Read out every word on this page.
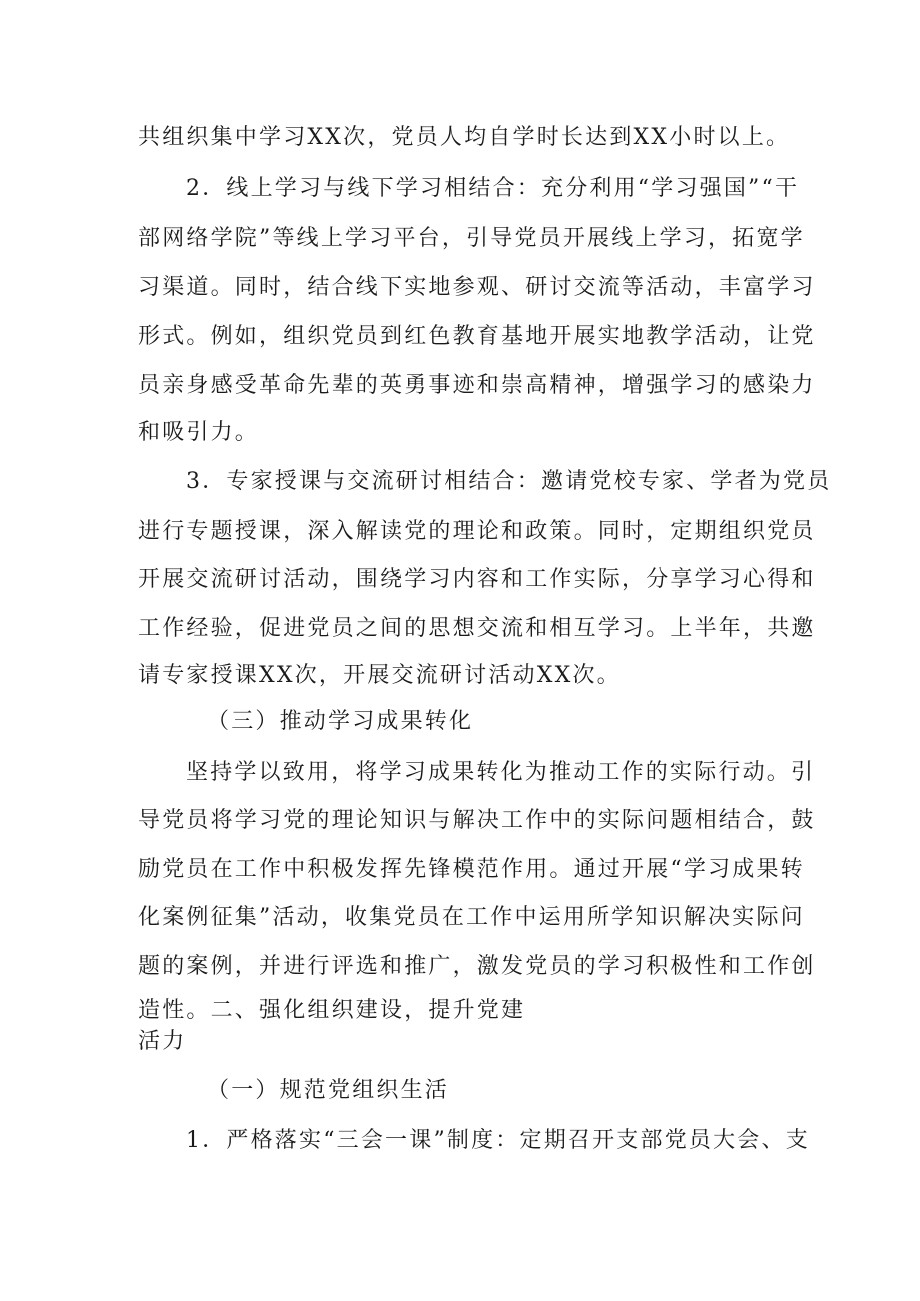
共组织集中学习XX次，党员人均自学时长达到XX小时以上。
2．线上学习与线下学习相结合：充分利用“学习强国”“干
部网络学院”等线上学习平台，引导党员开展线上学习，拓宽学
习渠道。同时，结合线下实地参观、研讨交流等活动，丰富学习
形式。例如，组织党员到红色教育基地开展实地教学活动，让党
员亲身感受革命先辈的英勇事迹和崇高精神，增强学习的感染力
和吸引力。
3．专家授课与交流研讨相结合：邀请党校专家、学者为党员
进行专题授课，深入解读党的理论和政策。同时，定期组织党员
开展交流研讨活动，围绕学习内容和工作实际，分享学习心得和
工作经验，促进党员之间的思想交流和相互学习。上半年，共邀
请专家授课XX次，开展交流研讨活动XX次。
（三）推动学习成果转化
坚持学以致用，将学习成果转化为推动工作的实际行动。引
导党员将学习党的理论知识与解决工作中的实际问题相结合，鼓
励党员在工作中积极发挥先锋模范作用。通过开展“学习成果转
化案例征集”活动，收集党员在工作中运用所学知识解决实际问
题的案例，并进行评选和推广，激发党员的学习积极性和工作创
造性。二、强化组织建设，提升党建
活力
（一）规范党组织生活
1．严格落实“三会一课”制度：定期召开支部党员大会、支
